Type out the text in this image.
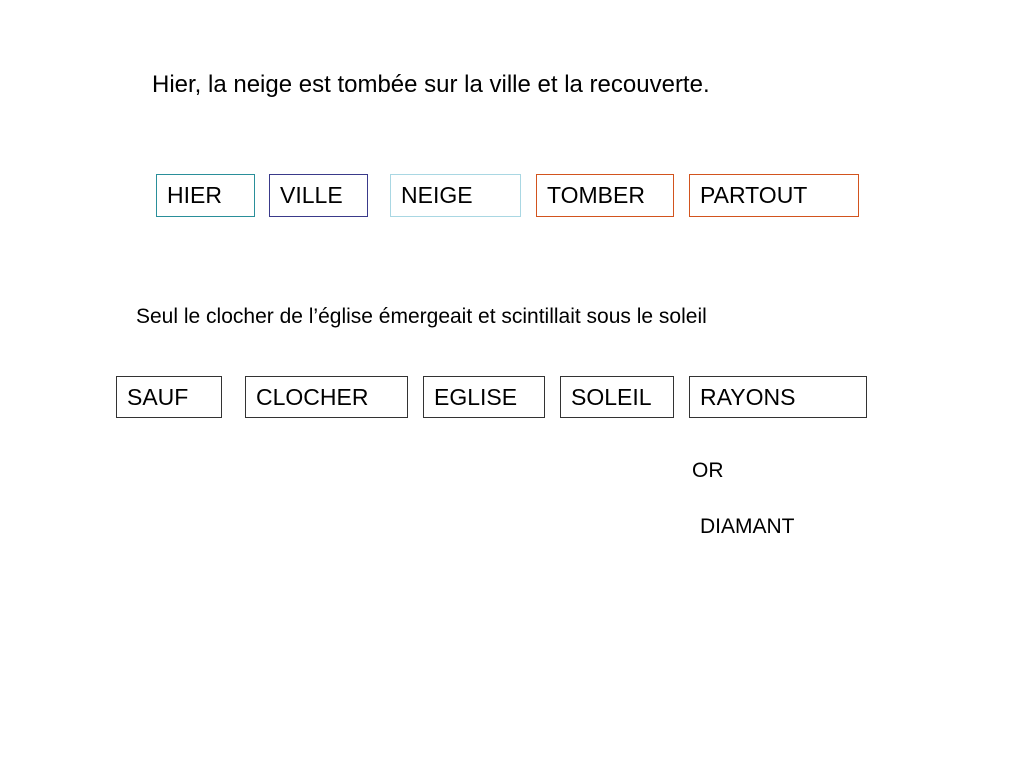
Hier, la neige est tombée sur la ville et la recouverte.
HIER	VILLE	NEIGE	TOMBER	PARTOUT
Seul le clocher de l’église émergeait et scintillait sous le soleil
SAUF	CLOCHER	EGLISE	SOLEIL	RAYONS
OR
DIAMANT
